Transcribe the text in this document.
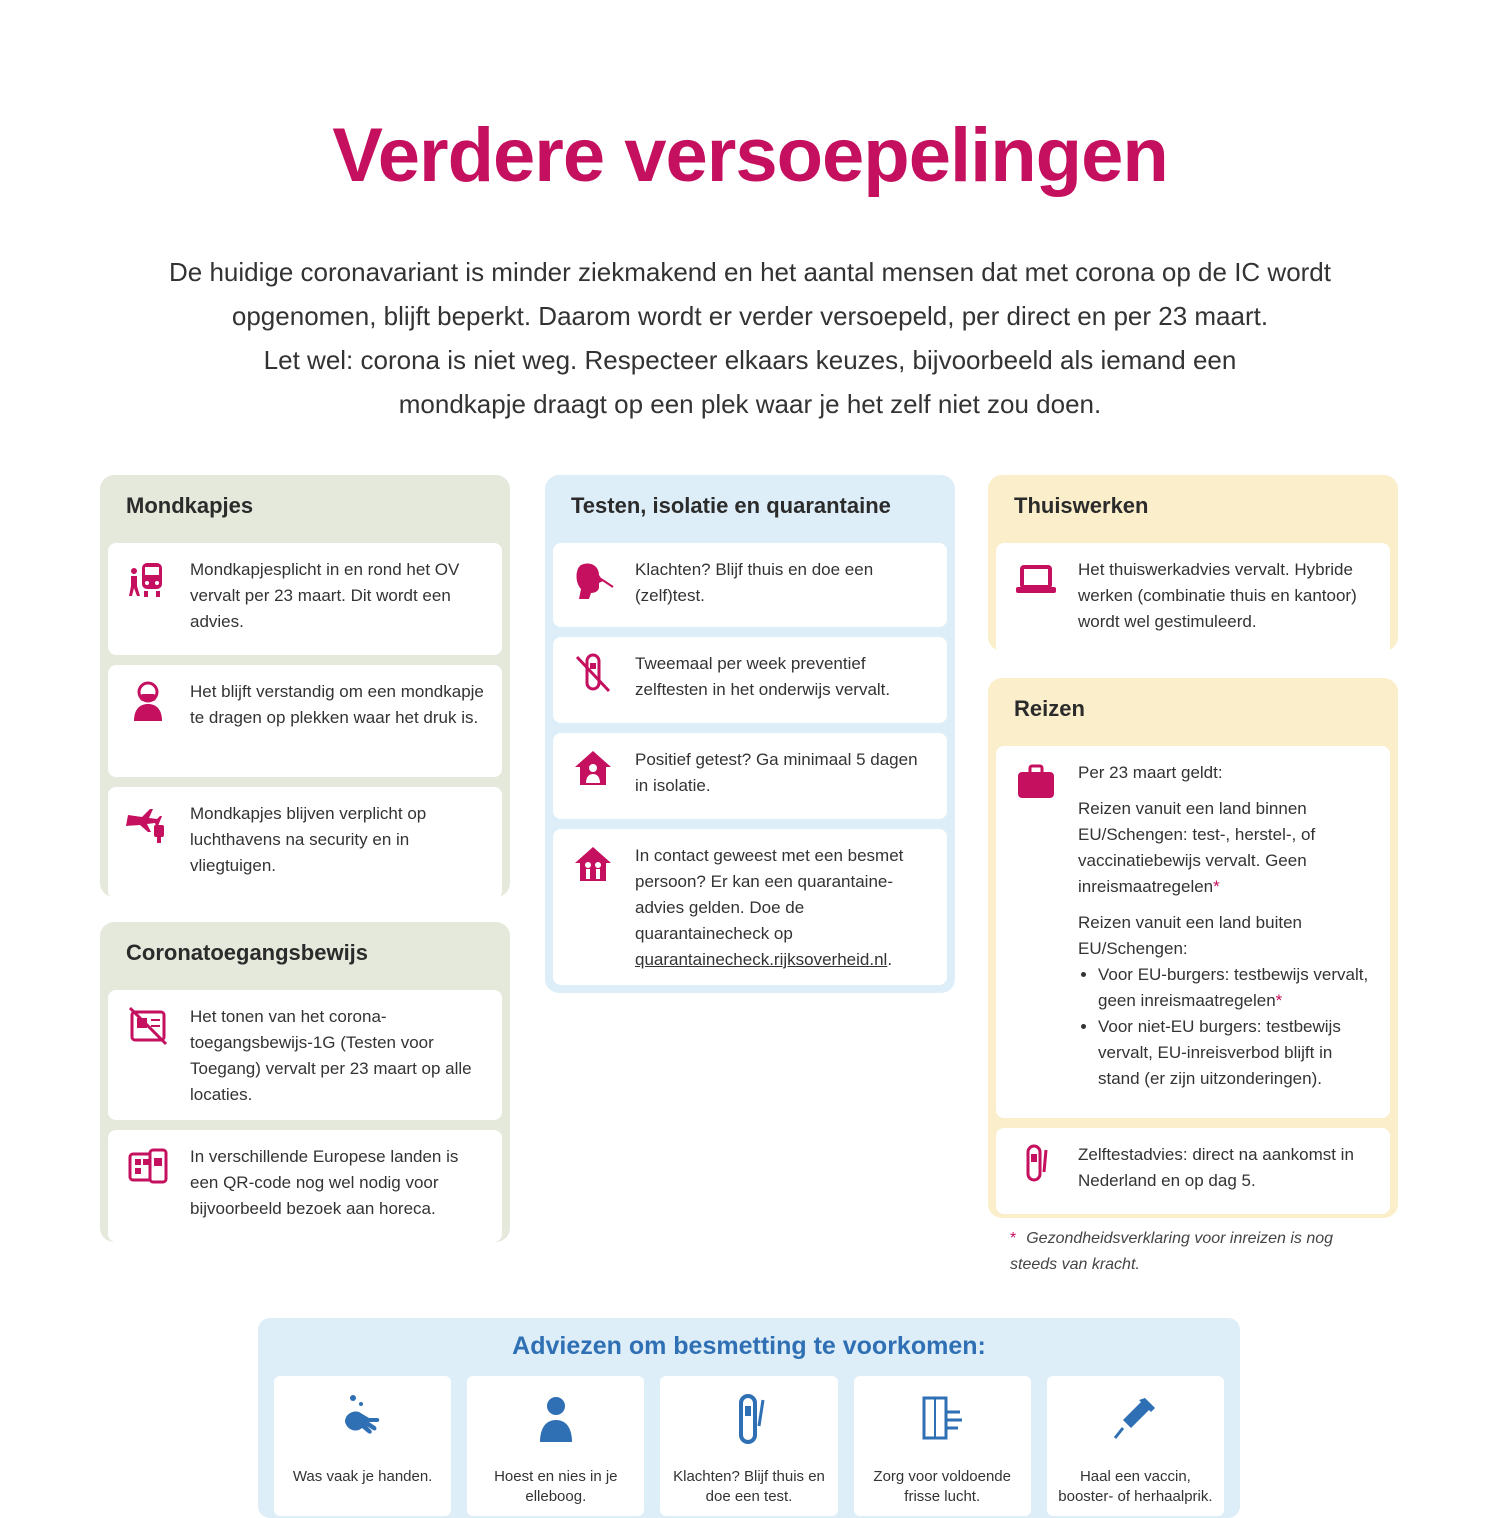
Verdere versoepelingen
De huidige coronavariant is minder ziekmakend en het aantal mensen dat met corona op de IC wordt
opgenomen, blijft beperkt. Daarom wordt er verder versoepeld, per direct en per 23 maart.
Let wel: corona is niet weg. Respecteer elkaars keuzes, bijvoorbeeld als iemand een
mondkapje draagt op een plek waar je het zelf niet zou doen.
Mondkapjes
Mondkapjesplicht in en rond het OV vervalt per 23 maart. Dit wordt een advies.
Het blijft verstandig om een mondkapje te dragen op plekken waar het druk is.
Mondkapjes blijven verplicht op luchthavens na security en in vliegtuigen.
Coronatoegangsbewijs
Het tonen van het corona-toegangsbewijs-1G (Testen voor Toegang) vervalt per 23 maart op alle locaties.
In verschillende Europese landen is een QR-code nog wel nodig voor bijvoorbeeld bezoek aan horeca.
Testen, isolatie en quarantaine
Klachten? Blijf thuis en doe een (zelf)test.
Tweemaal per week preventief zelftesten in het onderwijs vervalt.
Positief getest? Ga minimaal 5 dagen in isolatie.
In contact geweest met een besmet persoon? Er kan een quarantaine-advies gelden. Doe de quarantainecheck op quarantainecheck.rijksoverheid.nl.
Thuiswerken
Het thuiswerkadvies vervalt. Hybride werken (combinatie thuis en kantoor) wordt wel gestimuleerd.
Reizen

Per 23 maart geldt:

Reizen vanuit een land binnen EU/Schengen: test-, herstel-, of vaccinatiebewijs vervalt. Geen inreismaatregelen*

Reizen vanuit een land buiten EU/Schengen:

• Voor EU-burgers: testbewijs vervalt, geen inreismaatregelen*
• Voor niet-EU burgers: testbewijs vervalt, EU-inreisverbod blijft in stand (er zijn uitzonderingen).
Zelftestadvies: direct na aankomst in Nederland en op dag 5.
* Gezondheidsverklaring voor inreizen is nog steeds van kracht.
Adviezen om besmetting te voorkomen:
Was vaak je handen.	Hoest en nies in je elleboog.
Klachten? Blijf thuis en doe een test.
Zorg voor voldoende frisse lucht.
Haal een vaccin, booster- of herhaalprik.
